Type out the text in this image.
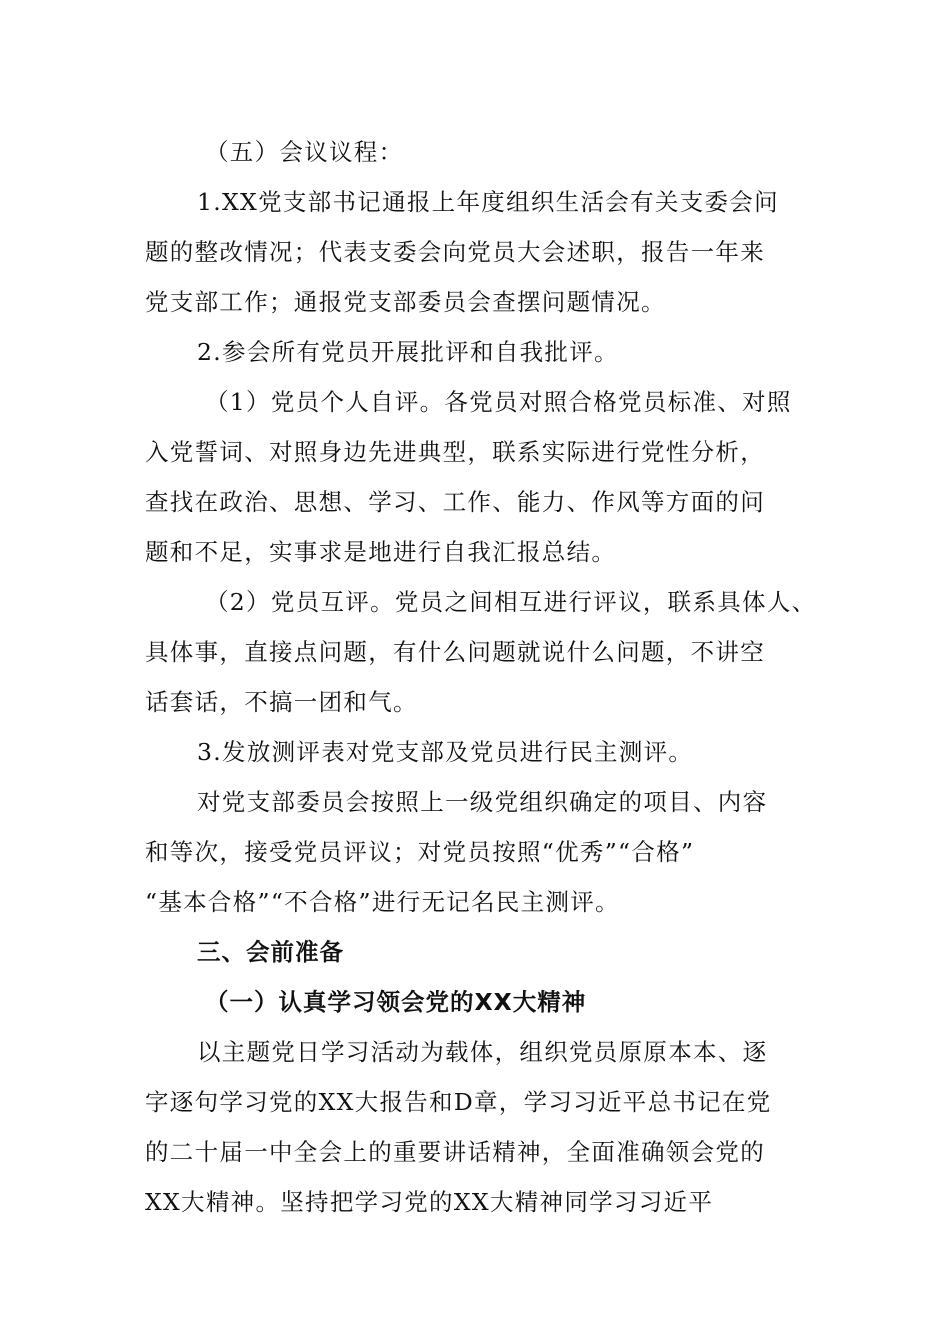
（五）会议议程：
1.XX党支部书记通报上年度组织生活会有关支委会问
题的整改情况；代表支委会向党员大会述职，报告一年来
党支部工作；通报党支部委员会查摆问题情况。
2.参会所有党员开展批评和自我批评。
（1）党员个人自评。各党员对照合格党员标准、对照
入党誓词、对照身边先进典型，联系实际进行党性分析，
查找在政治、思想、学习、工作、能力、作风等方面的问
题和不足，实事求是地进行自我汇报总结。
（2）党员互评。党员之间相互进行评议，联系具体人、
具体事，直接点问题，有什么问题就说什么问题，不讲空
话套话，不搞一团和气。
3.发放测评表对党支部及党员进行民主测评。
对党支部委员会按照上一级党组织确定的项目、内容
和等次，接受党员评议；对党员按照“优秀”“合格”
“基本合格”“不合格”进行无记名民主测评。
三、会前准备
（一）认真学习领会党的XX大精神
以主题党日学习活动为载体，组织党员原原本本、逐
字逐句学习党的XX大报告和D章，学习习近平总书记在党
的二十届一中全会上的重要讲话精神，全面准确领会党的
XX大精神。坚持把学习党的XX大精神同学习习近平
